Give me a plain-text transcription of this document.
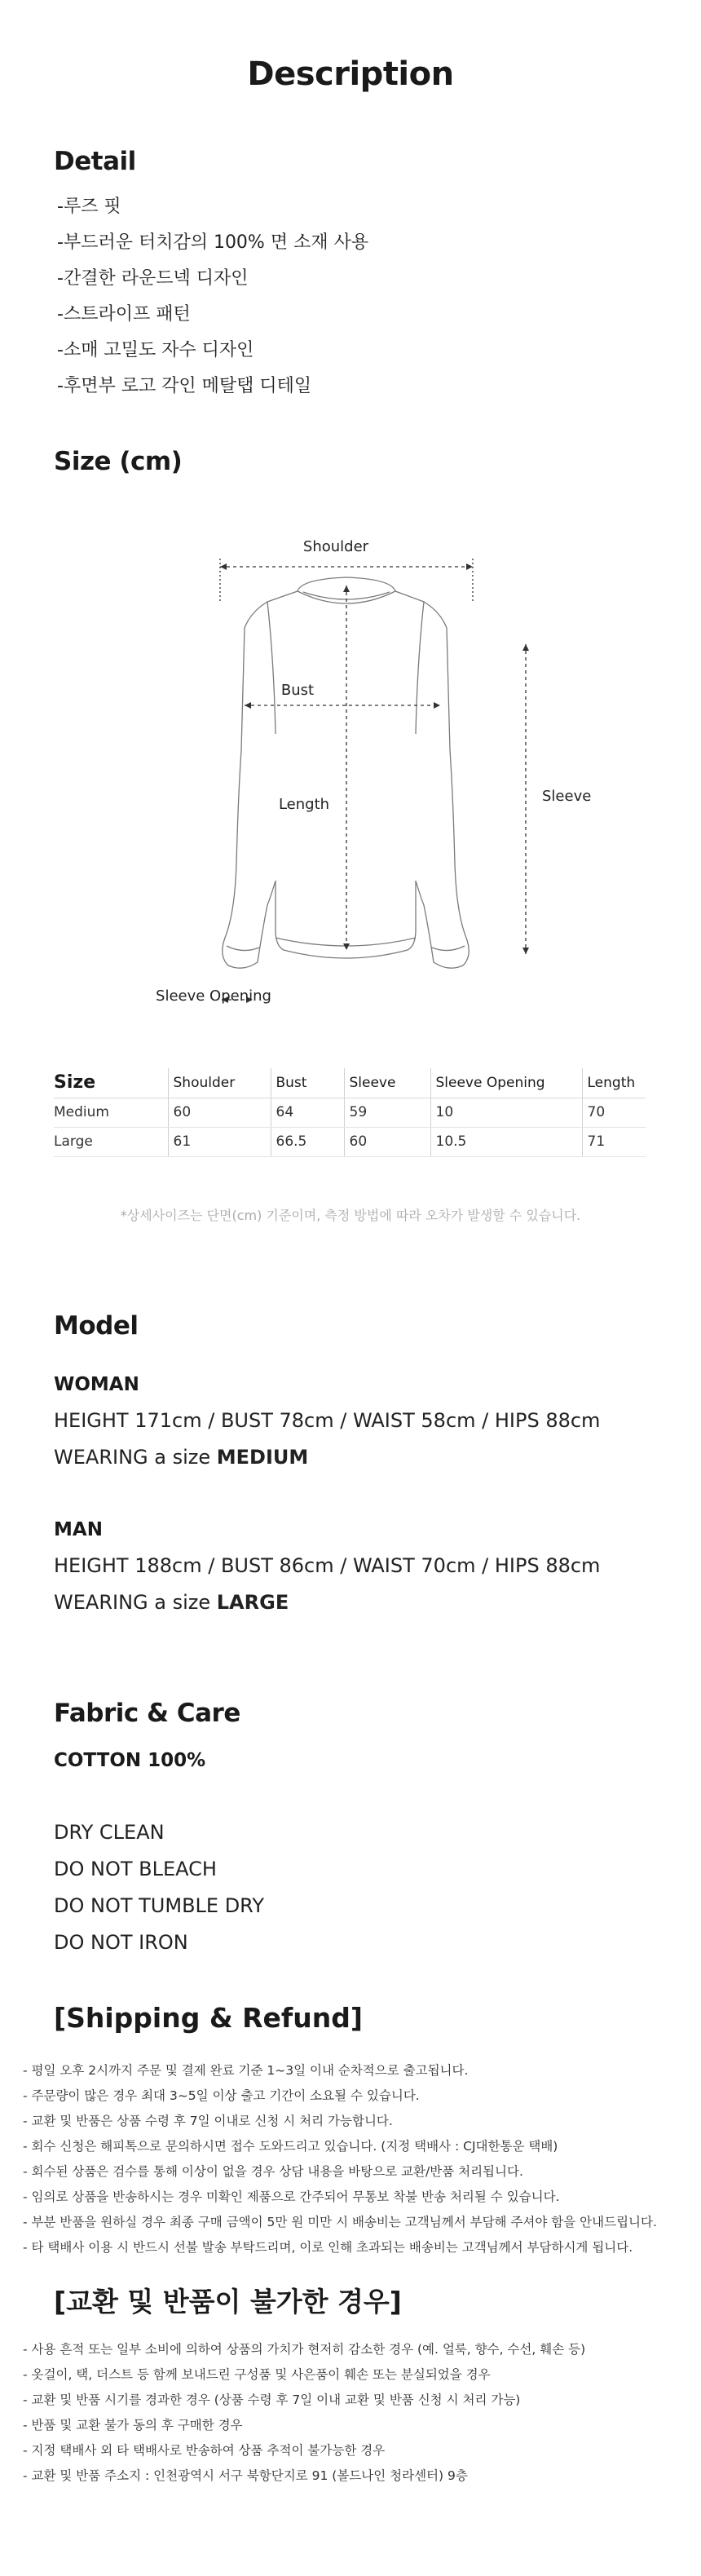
Description
Detail
-루즈 핏
-부드러운 터치감의 100% 면 소재 사용
-간결한 라운드넥 디자인
-스트라이프 패턴
-소매 고밀도 자수 디자인
-후면부 로고 각인 메탈탭 디테일
Size (cm)
Shoulder
Bust
Length	Sleeve
Sleeve Opening
Size	Shoulder	Bust	Sleeve	Sleeve Opening	Length
Medium	60	64	59	10	70
Large	61	66.5	60	10.5	71
*상세사이즈는 단면(cm) 기준이며, 측정 방법에 따라 오차가 발생할 수 있습니다.
Model
WOMAN
HEIGHT 171cm / BUST 78cm / WAIST 58cm / HIPS 88cm
WEARING a size MEDIUM
MAN
HEIGHT 188cm / BUST 86cm / WAIST 70cm / HIPS 88cm
WEARING a size LARGE
Fabric & Care
COTTON 100%
DRY CLEAN
DO NOT BLEACH
DO NOT TUMBLE DRY
DO NOT IRON
[Shipping & Refund]
- 평일 오후 2시까지 주문 및 결제 완료 기준 1~3일 이내 순차적으로 출고됩니다.
- 주문량이 많은 경우 최대 3~5일 이상 출고 기간이 소요될 수 있습니다.
- 교환 및 반품은 상품 수령 후 7일 이내로 신청 시 처리 가능합니다.
- 회수 신청은 해피톡으로 문의하시면 접수 도와드리고 있습니다. (지정 택배사 : CJ대한통운 택배)
- 회수된 상품은 검수를 통해 이상이 없을 경우 상담 내용을 바탕으로 교환/반품 처리됩니다.
- 임의로 상품을 반송하시는 경우 미확인 제품으로 간주되어 무통보 착불 반송 처리될 수 있습니다.
- 부분 반품을 원하실 경우 최종 구매 금액이 5만 원 미만 시 배송비는 고객님께서 부담해 주셔야 함을 안내드립니다.
- 타 택배사 이용 시 반드시 선불 발송 부탁드리며, 이로 인해 초과되는 배송비는 고객님께서 부담하시게 됩니다.
[교환 및 반품이 불가한 경우]
- 사용 흔적 또는 일부 소비에 의하여 상품의 가치가 현저히 감소한 경우 (예. 얼룩, 향수, 수선, 훼손 등)
- 옷걸이, 택, 더스트 등 함께 보내드린 구성품 및 사은품이 훼손 또는 분실되었을 경우
- 교환 및 반품 시기를 경과한 경우 (상품 수령 후 7일 이내 교환 및 반품 신청 시 처리 가능)
- 반품 및 교환 불가 동의 후 구매한 경우
- 지정 택배사 외 타 택배사로 반송하여 상품 추적이 불가능한 경우
- 교환 및 반품 주소지 : 인천광역시 서구 북항단지로 91 (볼드나인 청라센터) 9층
